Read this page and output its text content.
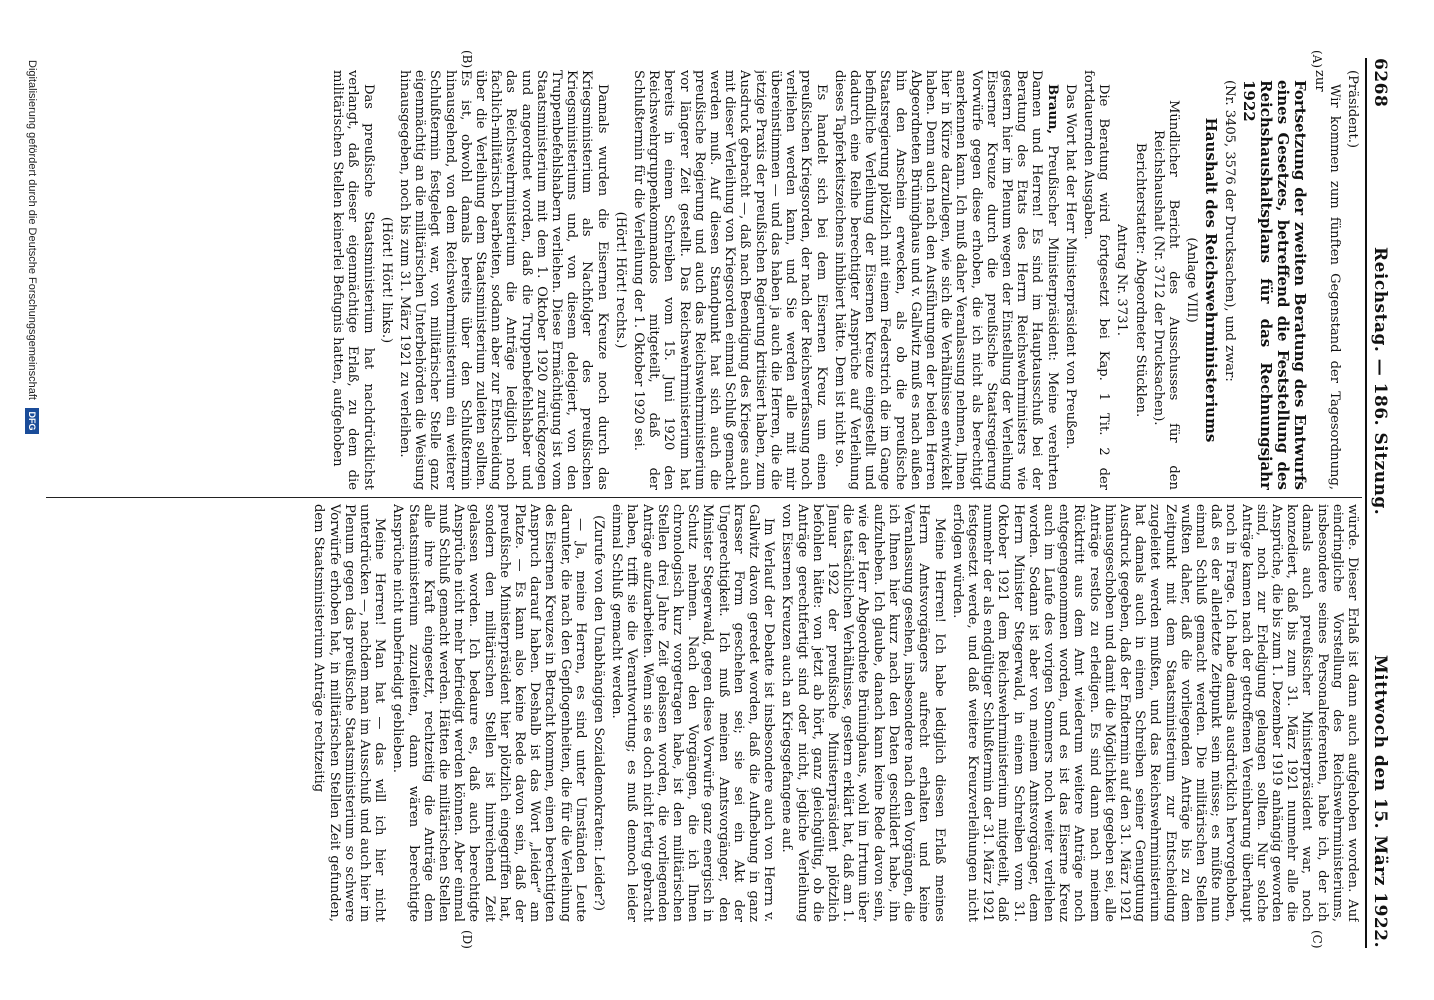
6268
Reichstag. — 186. Sitzung.
Mittwoch den 15. März 1922.
(A)
(B)
(C)
(D)

(Präsident.)

Wir kommen zum fünften Gegenstand der Tagesordnung, zur

Fortsetzung der zweiten Beratung des Entwurfs eines Gesetzes, betreffend die Feststellung des Reichshaushaltsplans für das Rechnungsjahr 1922

(Nr. 3405, 3576 der Drucksachen), und zwar:

Haushalt des Reichswehrministeriums

(Anlage VIII)

Mündlicher Bericht des Ausschusses für den Reichshaushalt (Nr. 3712 der Drucksachen).

Berichterstatter: Abgeordneter Stücklen.

Antrag Nr. 3731.

Die Beratung wird fortgesetzt bei Kap. 1 Tit. 2 der fortdauernden Ausgaben.

Das Wort hat der Herr Ministerpräsident von Preußen.

Braun, Preußischer Ministerpräsident: Meine verehrten Damen und Herren! Es sind im Hauptausschuß bei der Beratung des Etats des Herrn Reichswehrministers wie gestern hier im Plenum wegen der Einstellung der Verleihung Eiserner Kreuze durch die preußische Staatsregierung Vorwürfe gegen diese erhoben, die ich nicht als berechtigt anerkennen kann. Ich muß daher Veranlassung nehmen, Ihnen hier in Kürze darzulegen, wie sich die Verhältnisse entwickelt haben. Denn auch nach den Ausführungen der beiden Herren Abgeordneten Brüninghaus und v. Gallwitz muß es nach außen hin den Anschein erwecken, als ob die preußische Staatsregierung plötzlich mit einem Federstrich die im Gange befindliche Verleihung der Eisernen Kreuze eingestellt und dadurch eine Reihe berechtigter Ansprüche auf Verleihung dieses Tapferkeitszeichens inhibiert hätte. Dem ist nicht so.

Es handelt sich bei dem Eisernen Kreuz um einen preußischen Kriegsorden, der nach der Reichsverfassung noch verliehen werden kann, und Sie werden alle mit mir übereinstimmen — und das haben ja auch die Herren, die die jetzige Praxis der preußischen Regierung kritisiert haben, zum Ausdruck gebracht —, daß nach Beendigung des Krieges auch mit dieser Verleihung von Kriegsorden einmal Schluß gemacht werden muß. Auf diesen Standpunkt hat sich auch die preußische Regierung und auch das Reichswehrministerium vor längerer Zeit gestellt. Das Reichswehrministerium hat bereits in einem Schreiben vom 15. Juni 1920 den Reichswehrgruppenkommandos mitgeteilt, daß der Schlußtermin für die Verleihung der 1. Oktober 1920 sei.

(Hört! Hört! rechts.)

Damals wurden die Eisernen Kreuze noch durch das Kriegsministerium als Nachfolger des preußischen Kriegsministeriums und, von diesem delegiert, von den Truppenbefehlshabern verliehen. Diese Ermächtigung ist vom Staatsministerium mit dem 1. Oktober 1920 zurückgezogen und angeordnet worden, daß die Truppenbefehlshaber und das Reichswehrministerium die Anträge lediglich noch fachlich-militärisch bearbeiten, sodann aber zur Entscheidung über die Verleihung dem Staatsministerium zuleiten sollten. Es ist, obwohl damals bereits über den Schlußtermin hinausgehend, von dem Reichswehrministerium ein weiterer Schlußtermin festgelegt war, von militärischer Stelle ganz eigenmächtig an die militärischen Unterbehörden die Weisung hinausgegeben, noch bis zum 31. März 1921 zu verleihen.

(Hört! Hört! links.)

Das preußische Staatsministerium hat nachdrücklichst verlangt, daß dieser eigenmächtige Erlaß, zu dem die militärischen Stellen keinerlei Befugnis hatten, aufgehoben

würde. Dieser Erlaß ist dann auch aufgehoben worden. Auf eindringliche Vorstellung des Reichswehrministeriums, insbesondere seines Personalreferenten, habe ich, der ich damals auch preußischer Ministerpräsident war, noch konzediert, daß bis zum 31. März 1921 nunmehr alle die Ansprüche, die bis zum 1. Dezember 1919 anhängig geworden sind, noch zur Erledigung gelangen sollten. Nur solche Anträge kamen nach der getroffenen Vereinbarung überhaupt noch in Frage. Ich habe damals ausdrücklich hervorgehoben, daß es der allerletzte Zeitpunkt sein müsse; es müßte nun einmal Schluß gemacht werden. Die militärischen Stellen wußten daher, daß die vorliegenden Anträge bis zu dem Zeitpunkt mit dem Staatsministerium zur Entscheidung zugeleitet werden mußten, und das Reichswehrministerium hat damals auch in einem Schreiben seiner Genugtuung Ausdruck gegeben, daß der Endtermin auf den 31. März 1921 hinausgeschoben und damit die Möglichkeit gegeben sei, alle Anträge restlos zu erledigen. Es sind dann nach meinem Rücktritt aus dem Amt wiederum weitere Anträge noch entgegengenommen worden, und es ist das Eiserne Kreuz auch im Laufe des vorigen Sommers noch weiter verliehen worden. Sodann ist aber von meinem Amtsvorgänger, dem Herrn Minister Stegerwald, in einem Schreiben vom 31. Oktober 1921 dem Reichswehrministerium mitgeteilt, daß nunmehr der als endgültiger Schlußtermin der 31. März 1921 festgesetzt werde, und daß weitere Kreuzverleihungen nicht erfolgen würden.

Meine Herren! Ich habe lediglich diesen Erlaß meines Herrn Amtsvorgängers aufrecht erhalten und keine Veranlassung gesehen, insbesondere nach den Vorgängen, die ich Ihnen hier kurz nach den Daten geschildert habe, ihn aufzuheben. Ich glaube, danach kann keine Rede davon sein, wie der Herr Abgeordnete Brüninghaus, wohl im Irrtum über die tatsächlichen Verhältnisse, gestern erklärt hat, daß am 1. Januar 1922 der preußische Ministerpräsident plötzlich befohlen hätte: von jetzt ab hört, ganz gleichgültig, ob die Anträge gerechtfertigt sind oder nicht, jegliche Verleihung von Eisernen Kreuzen auch an Kriegsgefangene auf.

Im Verlauf der Debatte ist insbesondere auch von Herrn v. Gallwitz davon geredet worden, daß die Aufhebung in ganz krasser Form geschehen sei; sie sei ein Akt der Ungerechtigkeit. Ich muß meinen Amtsvorgänger, den Minister Stegerwald, gegen diese Vorwürfe ganz energisch in Schutz nehmen. Nach den Vorgängen, die ich Ihnen chronologisch kurz vorgetragen habe, ist den militärischen Stellen drei Jahre Zeit gelassen worden, die vorliegenden Anträge aufzuarbeiten. Wenn sie es doch nicht fertig gebracht haben, trifft sie die Verantwortung; es muß dennoch leider einmal Schluß gemacht werden.

(Zurufe von den Unabhängigen Sozialdemokraten: Leider?)

— Ja, meine Herren, es sind unter Umständen Leute darunter, die nach den Gepflogenheiten, die für die Verleihung des Eisernen Kreuzes in Betracht kommen, einen berechtigten Anspruch darauf haben. Deshalb ist das Wort „leider“ am Platze. — Es kann also keine Rede davon sein, daß der preußische Ministerpräsident hier plötzlich eingegriffen hat, sondern den militärischen Stellen ist hinreichend Zeit gelassen worden. Ich bedaure es, daß auch berechtigte Ansprüche nicht mehr befriedigt werden können. Aber einmal muß Schluß gemacht werden. Hätten die militärischen Stellen alle ihre Kraft eingesetzt, rechtzeitig die Anträge dem Staatsministerium zuzuleiten, dann wären berechtigte Ansprüche nicht unbefriedigt geblieben.

Meine Herren! Man hat — das will ich hier nicht unterdrücken —, nachdem man im Ausschuß und auch hier im Plenum gegen das preußische Staatsministerium so schwere Vorwürfe erhoben hat, in militärischen Stellen Zeit gefunden, dem Staatsministerium Anträge rechtzeitig

Digitalisierung gefördert durch die Deutsche Forschungsgemeinschaft
DFG
